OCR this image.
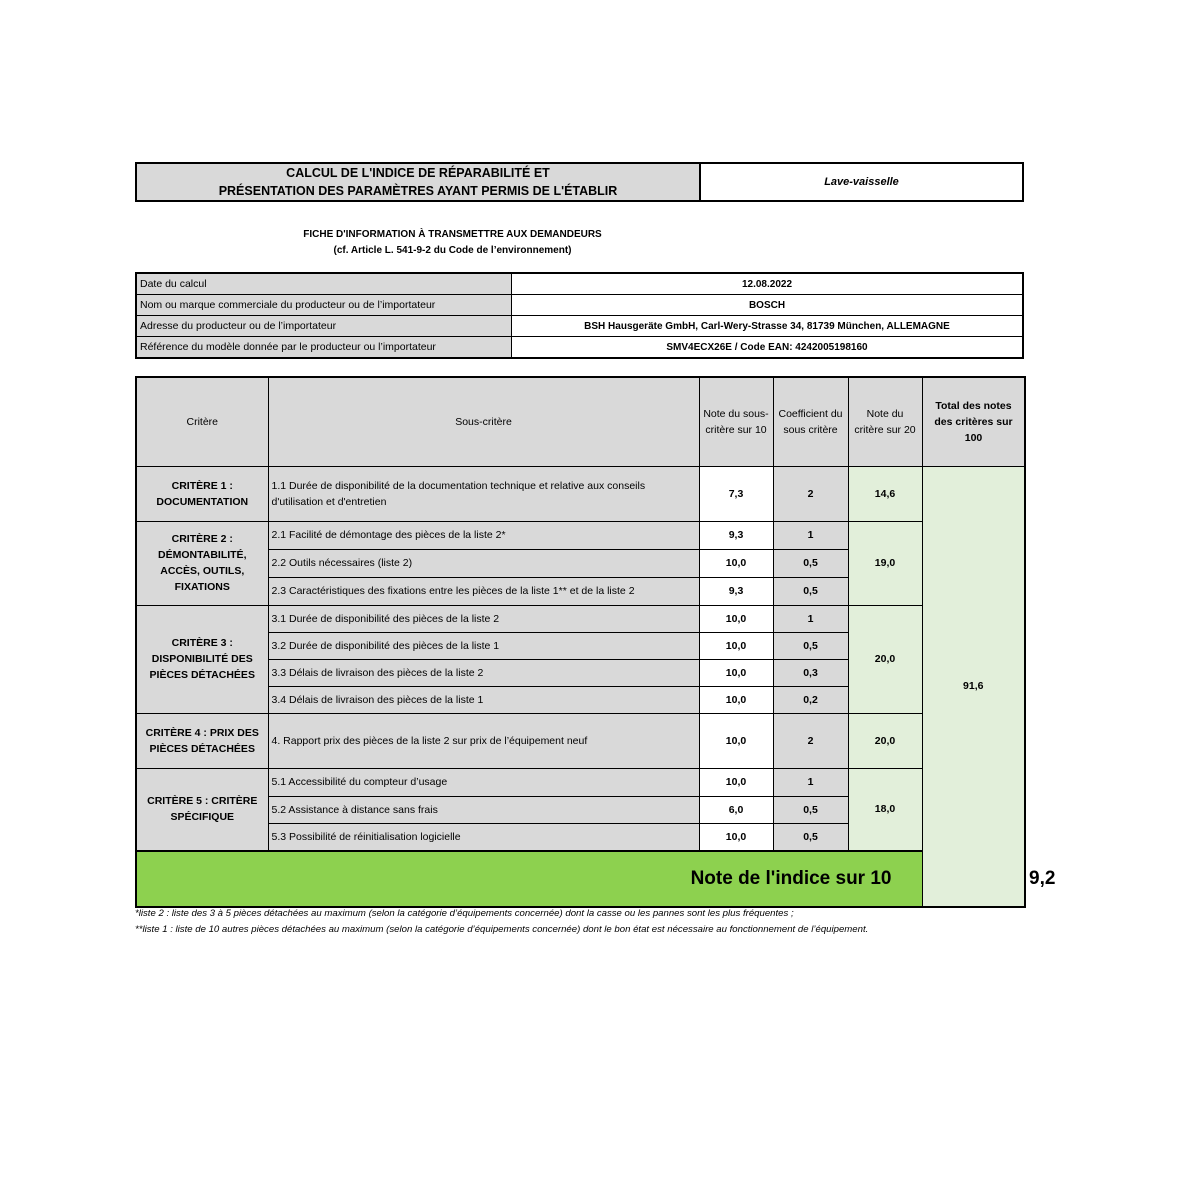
CALCUL DE L'INDICE DE RÉPARABILITÉ ET
PRÉSENTATION DES PARAMÈTRES AYANT PERMIS DE L'ÉTABLIR
Lave-vaisselle
FICHE D'INFORMATION À TRANSMETTRE AUX DEMANDEURS
(cf. Article L. 541-9-2 du Code de l’environnement)
Date du calcul	12.08.2022
Nom ou marque commerciale du producteur ou de l’importateur	BOSCH
Adresse du producteur ou de l’importateur	BSH Hausgeräte GmbH, Carl-Wery-Strasse 34, 81739 München, ALLEMAGNE
Référence du modèle donnée par le producteur ou l’importateur	SMV4ECX26E / Code EAN: 4242005198160
Critère	Sous-critère	Note du sous-critère sur 10	Coefficient du sous critère	Note du critère sur 20	Total des notes des critères sur 100	
CRITÈRE 1 : DOCUMENTATION	1.1 Durée de disponibilité de la documentation technique et relative aux conseils d'utilisation et d'entretien	7,3	2	14,6	91,6	
CRITÈRE 2 : DÉMONTABILITÉ, ACCÈS, OUTILS, FIXATIONS	2.1 Facilité de démontage des pièces de la liste 2*	9,3	1	19,0		
	2.2 Outils nécessaires (liste 2)	10,0	0,5			
	2.3 Caractéristiques des fixations entre les pièces de la liste 1** et de la liste 2	9,3	0,5			
CRITÈRE 3 : DISPONIBILITÉ DES PIÈCES DÉTACHÉES	3.1 Durée de disponibilité des pièces de la liste 2	10,0	1	20,0		
	3.2 Durée de disponibilité des pièces de la liste 1	10,0	0,5			
	3.3 Délais de livraison des pièces de la liste 2	10,0	0,3			
	3.4 Délais de livraison des pièces de la liste 1	10,0	0,2			
CRITÈRE 4 : PRIX DES PIÈCES DÉTACHÉES	4. Rapport prix des pièces de la liste 2 sur prix de l’équipement neuf	10,0	2	20,0		
CRITÈRE 5 : CRITÈRE SPÉCIFIQUE	5.1 Accessibilité du compteur d’usage	10,0	1	18,0		
	5.2 Assistance à distance sans frais	6,0	0,5			
	5.3 Possibilité de réinitialisation logicielle	10,0	0,5			
Note de l'indice sur 10						9,2
*liste 2 : liste des 3 à 5 pièces détachées au maximum (selon la catégorie d’équipements concernée) dont la casse ou les pannes sont les plus fréquentes ;
**liste 1 : liste de 10 autres pièces détachées au maximum (selon la catégorie d’équipements concernée) dont le bon état est nécessaire au fonctionnement de l’équipement.
